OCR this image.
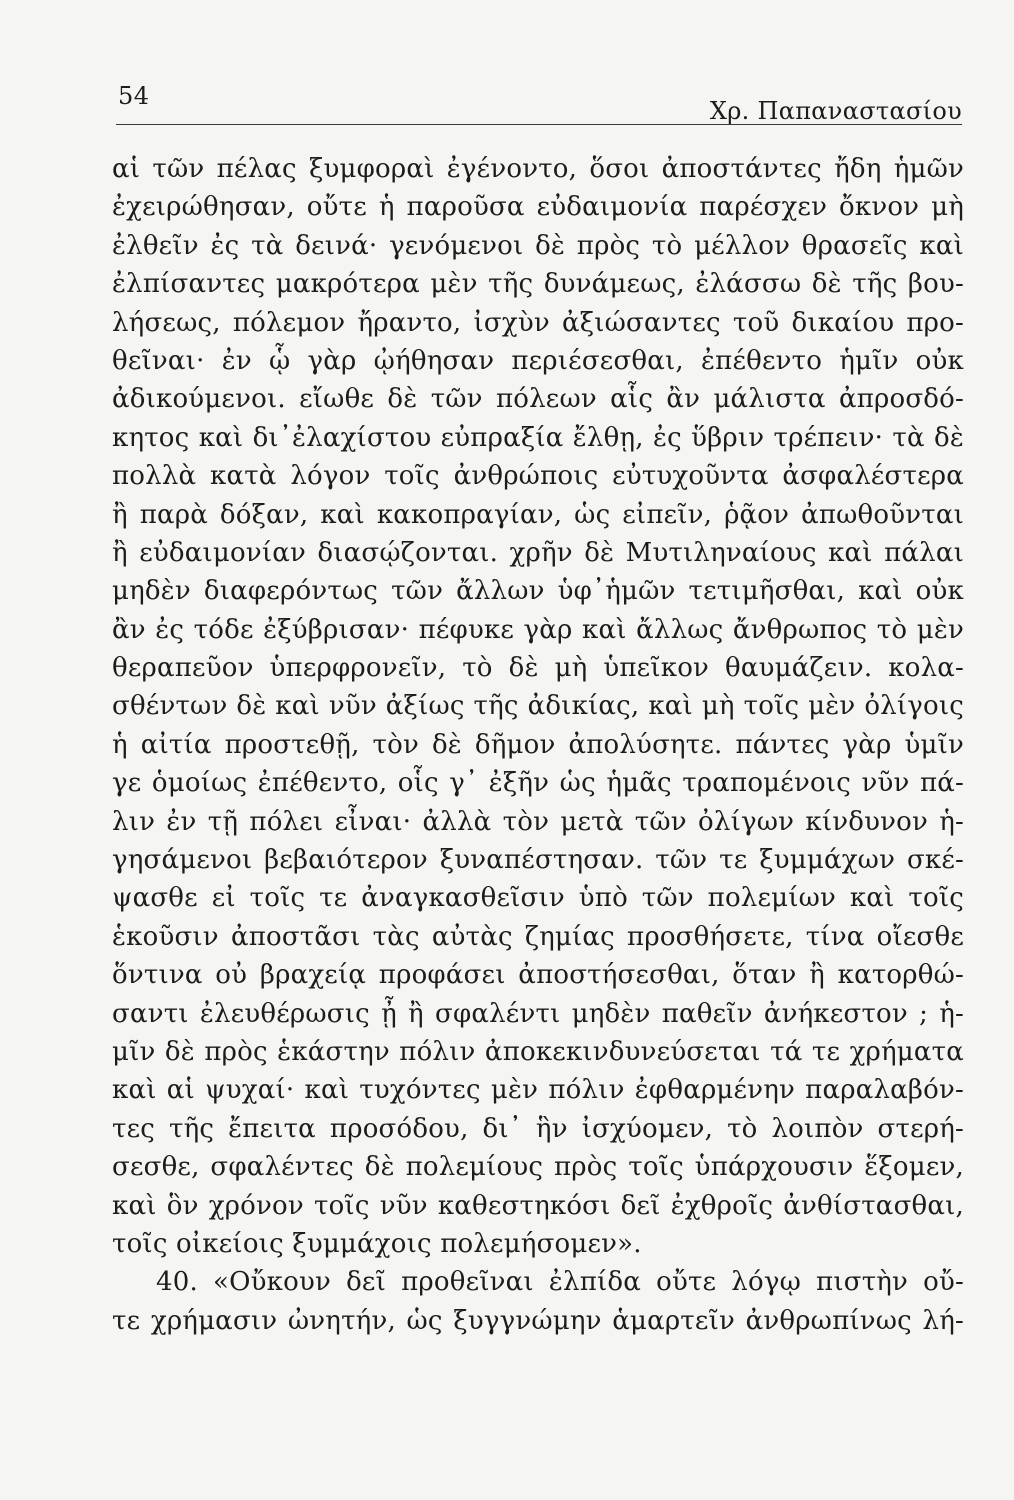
54
Χρ. Παπαναστασίου
αἱ τῶν πέλας ξυμφοραὶ ἐγένοντο, ὅσοι ἀποστάντες ἤδη ἡμῶν
ἐχειρώθησαν, οὔτε ἡ παροῦσα εὐδαιμονία παρέσχεν ὄκνον μὴ
ἐλθεῖν ἐς τὰ δεινά· γενόμενοι δὲ πρὸς τὸ μέλλον θρασεῖς καὶ
ἐλπίσαντες μακρότερα μὲν τῆς δυνάμεως, ἐλάσσω δὲ τῆς βου-
λήσεως, πόλεμον ἤραντο, ἰσχὺν ἀξιώσαντες τοῦ δικαίου προ-
θεῖναι· ἐν ᾧ γὰρ ᾠήθησαν περιέσεσθαι, ἐπέθεντο ἡμῖν οὐκ
ἀδικούμενοι. εἴωθε δὲ τῶν πόλεων αἷς ἂν μάλιστα ἀπροσδό-
κητος καὶ δι᾽ἐλαχίστου εὐπραξία ἔλθῃ, ἐς ὕβριν τρέπειν· τὰ δὲ
πολλὰ κατὰ λόγον τοῖς ἀνθρώποις εὐτυχοῦντα ἀσφαλέστερα
ἢ παρὰ δόξαν, καὶ κακοπραγίαν, ὡς εἰπεῖν, ῥᾷον ἀπωθοῦνται
ἢ εὐδαιμονίαν διασῴζονται. χρῆν δὲ Μυτιληναίους καὶ πάλαι
μηδὲν διαφερόντως τῶν ἄλλων ὑφ᾽ἡμῶν τετιμῆσθαι, καὶ οὐκ
ἂν ἐς τόδε ἐξύβρισαν· πέφυκε γὰρ καὶ ἄλλως ἄνθρωπος τὸ μὲν
θεραπεῦον ὑπερφρονεῖν, τὸ δὲ μὴ ὑπεῖκον θαυμάζειν. κολα-
σθέντων δὲ καὶ νῦν ἀξίως τῆς ἀδικίας, καὶ μὴ τοῖς μὲν ὀλίγοις
ἡ αἰτία προστεθῇ, τὸν δὲ δῆμον ἀπολύσητε. πάντες γὰρ ὑμῖν
γε ὁμοίως ἐπέθεντο, οἷς γ᾽ ἐξῆν ὡς ἡμᾶς τραπομένοις νῦν πά-
λιν ἐν τῇ πόλει εἶναι· ἀλλὰ τὸν μετὰ τῶν ὀλίγων κίνδυνον ἡ-
γησάμενοι βεβαιότερον ξυναπέστησαν. τῶν τε ξυμμάχων σκέ-
ψασθε εἰ τοῖς τε ἀναγκασθεῖσιν ὑπὸ τῶν πολεμίων καὶ τοῖς
ἑκοῦσιν ἀποστᾶσι τὰς αὐτὰς ζημίας προσθήσετε, τίνα οἴεσθε
ὅντινα οὐ βραχείᾳ προφάσει ἀποστήσεσθαι, ὅταν ἢ κατορθώ-
σαντι ἐλευθέρωσις ᾖ ἢ σφαλέντι μηδὲν παθεῖν ἀνήκεστον ; ἡ-
μῖν δὲ πρὸς ἑκάστην πόλιν ἀποκεκινδυνεύσεται τά τε χρήματα
καὶ αἱ ψυχαί· καὶ τυχόντες μὲν πόλιν ἐφθαρμένην παραλαβόν-
τες τῆς ἔπειτα προσόδου, δι᾽ ἣν ἰσχύομεν, τὸ λοιπὸν στερή-
σεσθε, σφαλέντες δὲ πολεμίους πρὸς τοῖς ὑπάρχουσιν ἕξομεν,
καὶ ὃν χρόνον τοῖς νῦν καθεστηκόσι δεῖ ἐχθροῖς ἀνθίστασθαι,
τοῖς οἰκείοις ξυμμάχοις πολεμήσομεν».
40. «Οὔκουν δεῖ προθεῖναι ἐλπίδα οὔτε λόγῳ πιστὴν οὔ-
τε χρήμασιν ὠνητήν, ὡς ξυγγνώμην ἁμαρτεῖν ἀνθρωπίνως λή-
